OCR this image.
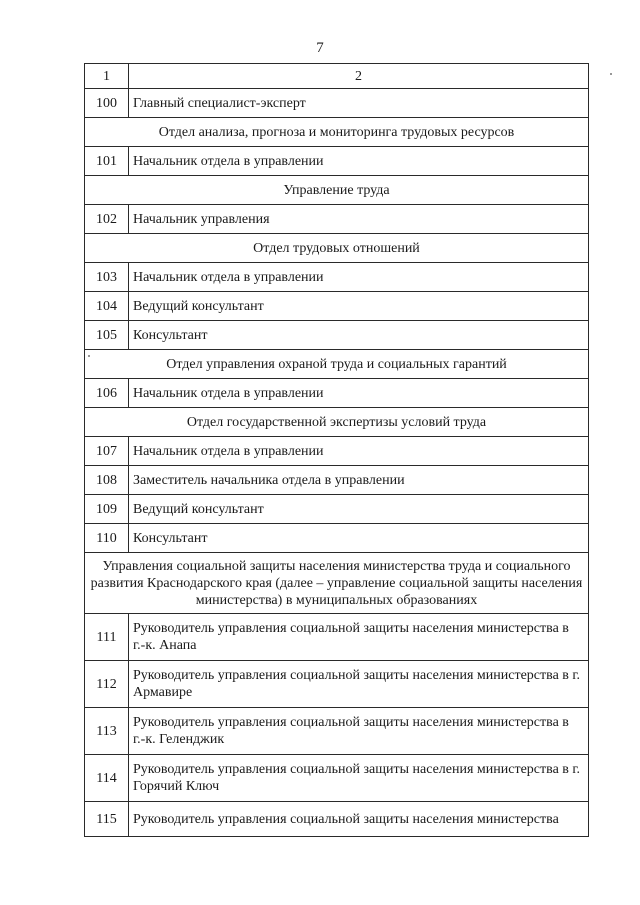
7
1	2
100	Главный специалист-эксперт
Отдел анализа, прогноза и мониторинга трудовых ресурсов	
101	Начальник отдела в управлении
Управление труда	
102	Начальник управления
Отдел трудовых отношений	
103	Начальник отдела в управлении
104	Ведущий консультант
105	Консультант
Отдел управления охраной труда и социальных гарантий	
106	Начальник отдела в управлении
Отдел государственной экспертизы условий труда	
107	Начальник отдела в управлении
108	Заместитель начальника отдела в управлении
109	Ведущий консультант
110	Консультант
Управления социальной защиты населения министерства труда и социального развития Краснодарского края (далее – управление социальной защиты населения министерства) в муниципальных образованиях	
111	Руководитель управления социальной защиты населения министерства в г.-к. Анапа
112	Руководитель управления социальной защиты населения министерства в г. Армавире
113	Руководитель управления социальной защиты населения министерства в г.-к. Геленджик
114	Руководитель управления социальной защиты населения министерства в г. Горячий Ключ
115	Руководитель управления социальной защиты населения министерства
